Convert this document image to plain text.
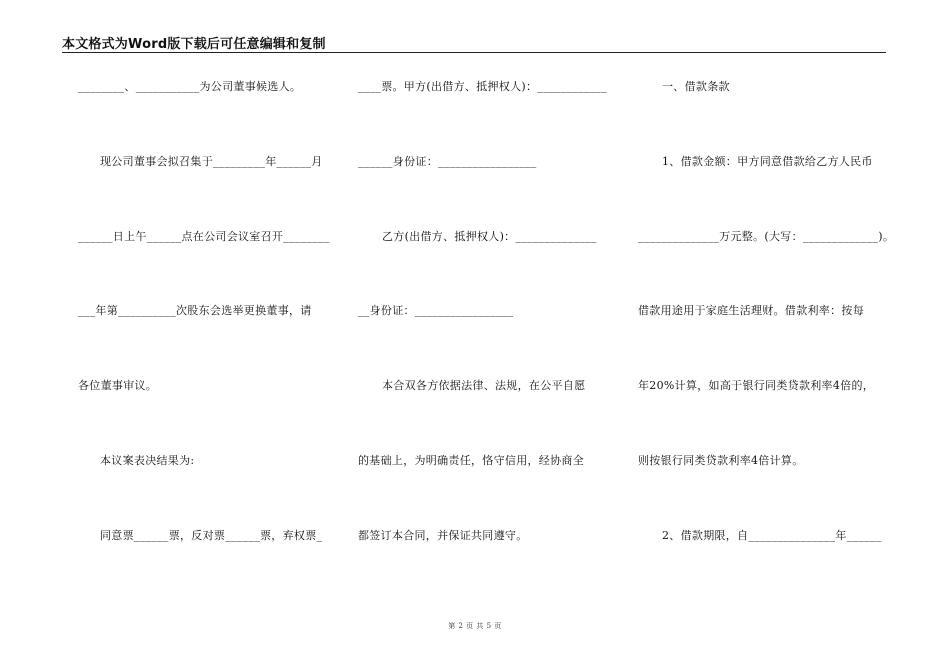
本文格式为Word版下载后可任意编辑和复制
________、___________为公司董事候选人。
现公司董事会拟召集于_________年______月
______日上午______点在公司会议室召开________
___年第__________次股东会选举更换董事，请
各位董事审议。
本议案表决结果为:
同意票______票，反对票______票，弃权票_
____票。甲方(出借方、抵押权人)：____________
______身份证：_________________
乙方(出借方、抵押权人)：______________
__身份证：_________________
本合双各方依据法律、法规，在公平自愿
的基础上，为明确责任，恪守信用，经协商全
都签订本合同，并保证共同遵守。
一、借款条款
1、借款金额：甲方同意借款给乙方人民币
______________万元整。(大写：_____________)。
借款用途用于家庭生活理财。借款利率：按每
年20%计算，如高于银行同类贷款利率4倍的，
则按银行同类贷款利率4倍计算。
2、借款期限，自_______________年______
第 2 页 共 5 页
